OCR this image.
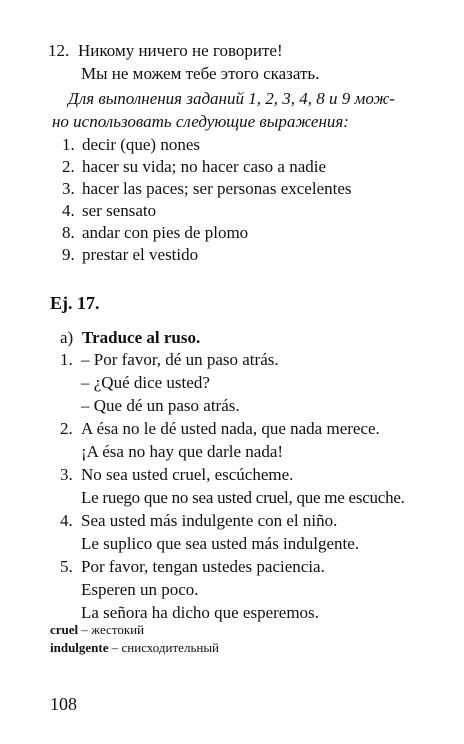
12. Никому ничего не говорите!
Мы не можем тебе этого сказать.
Для выполнения заданий 1, 2, 3, 4, 8 и 9 мож-
но использовать следующие выражения:
1. decir (que) nones
2. hacer su vida; no hacer caso a nadie
3. hacer las paces; ser personas excelentes
4. ser sensato
8. andar con pies de plomo
9. prestar el vestido
Ej. 17.
a) Traduce al ruso.
1. – Por favor, dé un paso atrás.
– ¿Qué dice usted?
– Que dé un paso atrás.
2. A ésa no le dé usted nada, que nada merece.
¡A ésa no hay que darle nada!
3. No sea usted cruel, escúcheme.
Le ruego que no sea usted cruel, que me escuche.
4. Sea usted más indulgente con el niño.
Le suplico que sea usted más indulgente.
5. Por favor, tengan ustedes paciencia.
Esperen un poco.
La señora ha dicho que esperemos.
cruel – жестокий
indulgente – снисходительный
108
